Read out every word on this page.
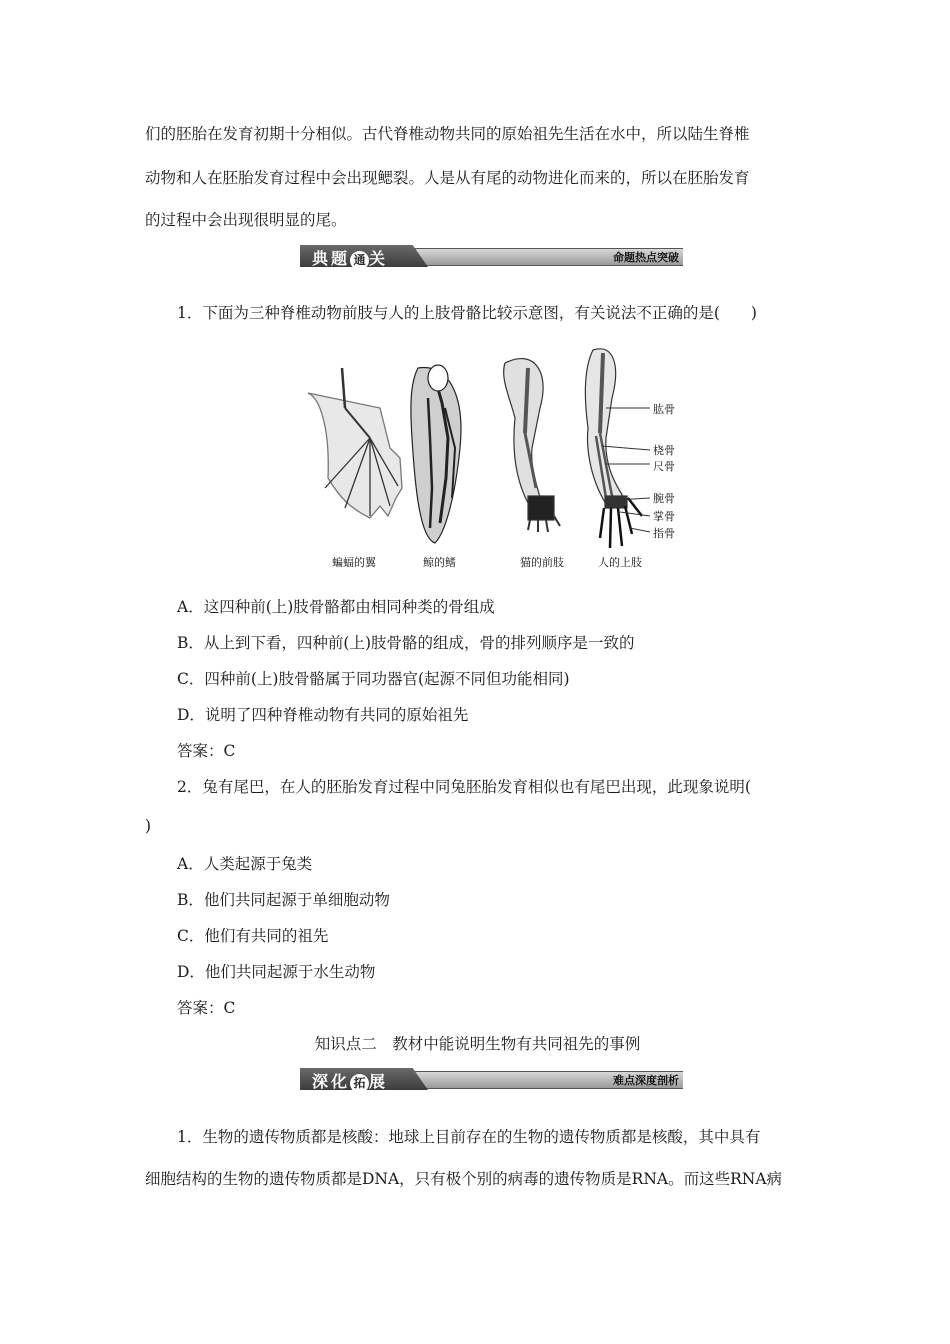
们的胚胎在发育初期十分相似。古代脊椎动物共同的原始祖先生活在水中，所以陆生脊椎
动物和人在胚胎发育过程中会出现鳃裂。人是从有尾的动物进化而来的，所以在胚胎发育
的过程中会出现很明显的尾。
典题 通 关	命题热点突破
1．下面为三种脊椎动物前肢与人的上肢骨骼比较示意图，有关说法不正确的是(　　)
肱骨
桡骨
尺骨
腕骨
掌骨
指骨
蝙蝠的翼	鲸的鳍	猫的前肢	人的上肢
A．这四种前(上)肢骨骼都由相同种类的骨组成
B．从上到下看，四种前(上)肢骨骼的组成，骨的排列顺序是一致的
C．四种前(上)肢骨骼属于同功器官(起源不同但功能相同)
D．说明了四种脊椎动物有共同的原始祖先
答案：C
2．兔有尾巴，在人的胚胎发育过程中同兔胚胎发育相似也有尾巴出现，此现象说明(
)
A．人类起源于兔类
B．他们共同起源于单细胞动物
C．他们有共同的祖先
D．他们共同起源于水生动物
答案：C
知识点二　教材中能说明生物有共同祖先的事例
深化 拓 展	难点深度剖析
1．生物的遗传物质都是核酸：地球上目前存在的生物的遗传物质都是核酸，其中具有
细胞结构的生物的遗传物质都是DNA，只有极个别的病毒的遗传物质是RNA。而这些RNA病
